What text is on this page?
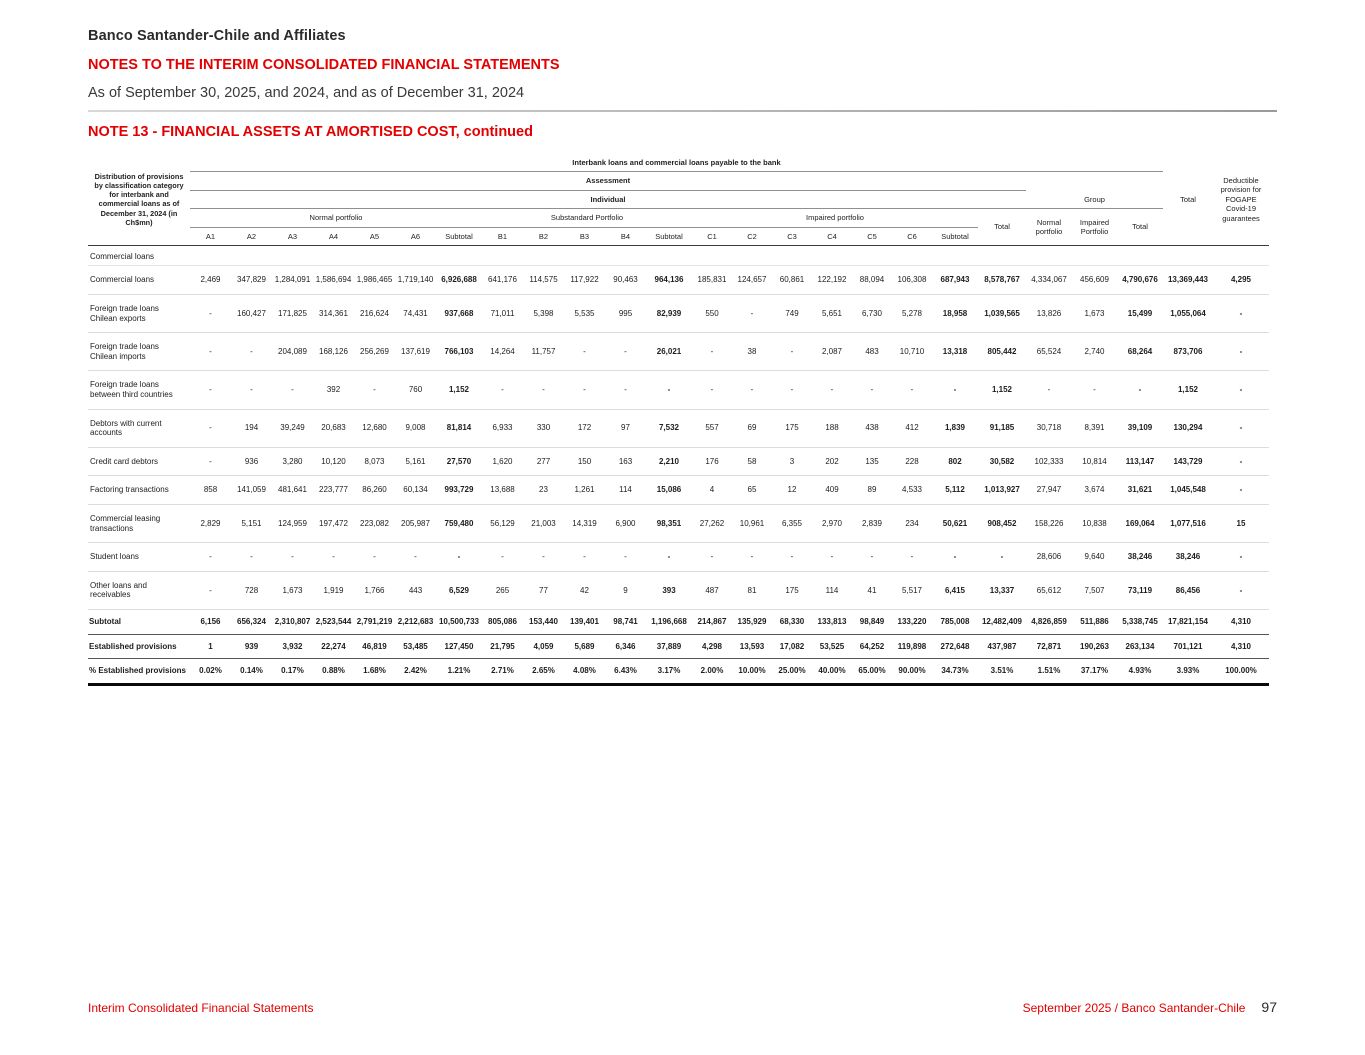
Banco Santander-Chile and Affiliates
NOTES TO THE INTERIM CONSOLIDATED FINANCIAL STATEMENTS
As of September 30, 2025, and 2024, and as of December 31, 2024
NOTE 13 - FINANCIAL ASSETS AT AMORTISED COST, continued
Distribution of provisions by classification category for interbank and commercial loans as of December 31, 2024 (in Ch$mn)	Interbank loans and commercial loans payable to the bank																							Total	Deductible provision for FOGAPE Covid-19 guarantees
	Assessment																								
	Individual																				Group				
	Normal portfolio							Substandard Portfolio					Impaired portfolio							Total	Normal portfolio	Impaired Portfolio	Total		
	A1	A2	A3	A4	A5	A6	Subtotal	B1	B2	B3	B4	Subtotal	C1	C2	C3	C4	C5	C6	Subtotal						
Commercial loans																									
Commercial loans	2,469	347,829	1,284,091	1,586,694	1,986,465	1,719,140	6,926,688	641,176	114,575	117,922	90,463	964,136	185,831	124,657	60,861	122,192	88,094	106,308	687,943	8,578,767	4,334,067	456,609	4,790,676	13,369,443	4,295
Foreign trade loans Chilean exports	-	160,427	171,825	314,361	216,624	74,431	937,668	71,011	5,398	5,535	995	82,939	550	-	749	5,651	6,730	5,278	18,958	1,039,565	13,826	1,673	15,499	1,055,064	-
Foreign trade loans Chilean imports	-	-	204,089	168,126	256,269	137,619	766,103	14,264	11,757	-	-	26,021	-	38	-	2,087	483	10,710	13,318	805,442	65,524	2,740	68,264	873,706	-
Foreign trade loans between third countries	-	-	-	392	-	760	1,152	-	-	-	-	-	-	-	-	-	-	-	-	1,152	-	-	-	1,152	-
Debtors with current accounts	-	194	39,249	20,683	12,680	9,008	81,814	6,933	330	172	97	7,532	557	69	175	188	438	412	1,839	91,185	30,718	8,391	39,109	130,294	-
Credit card debtors	-	936	3,280	10,120	8,073	5,161	27,570	1,620	277	150	163	2,210	176	58	3	202	135	228	802	30,582	102,333	10,814	113,147	143,729	-
Factoring transactions	858	141,059	481,641	223,777	86,260	60,134	993,729	13,688	23	1,261	114	15,086	4	65	12	409	89	4,533	5,112	1,013,927	27,947	3,674	31,621	1,045,548	-
Commercial leasing transactions	2,829	5,151	124,959	197,472	223,082	205,987	759,480	56,129	21,003	14,319	6,900	98,351	27,262	10,961	6,355	2,970	2,839	234	50,621	908,452	158,226	10,838	169,064	1,077,516	15
Student loans	-	-	-	-	-	-	-	-	-	-	-	-	-	-	-	-	-	-	-	-	28,606	9,640	38,246	38,246	-
Other loans and receivables	-	728	1,673	1,919	1,766	443	6,529	265	77	42	9	393	487	81	175	114	41	5,517	6,415	13,337	65,612	7,507	73,119	86,456	-
Subtotal	6,156	656,324	2,310,807	2,523,544	2,791,219	2,212,683	10,500,733	805,086	153,440	139,401	98,741	1,196,668	214,867	135,929	68,330	133,813	98,849	133,220	785,008	12,482,409	4,826,859	511,886	5,338,745	17,821,154	4,310
Established provisions	1	939	3,932	22,274	46,819	53,485	127,450	21,795	4,059	5,689	6,346	37,889	4,298	13,593	17,082	53,525	64,252	119,898	272,648	437,987	72,871	190,263	263,134	701,121	4,310
% Established provisions	0.02%	0.14%	0.17%	0.88%	1.68%	2.42%	1.21%	2.71%	2.65%	4.08%	6.43%	3.17%	2.00%	10.00%	25.00%	40.00%	65.00%	90.00%	34.73%	3.51%	1.51%	37.17%	4.93%	3.93%	100.00%
Interim Consolidated Financial Statements	September 2025 / Banco Santander-Chile 97
